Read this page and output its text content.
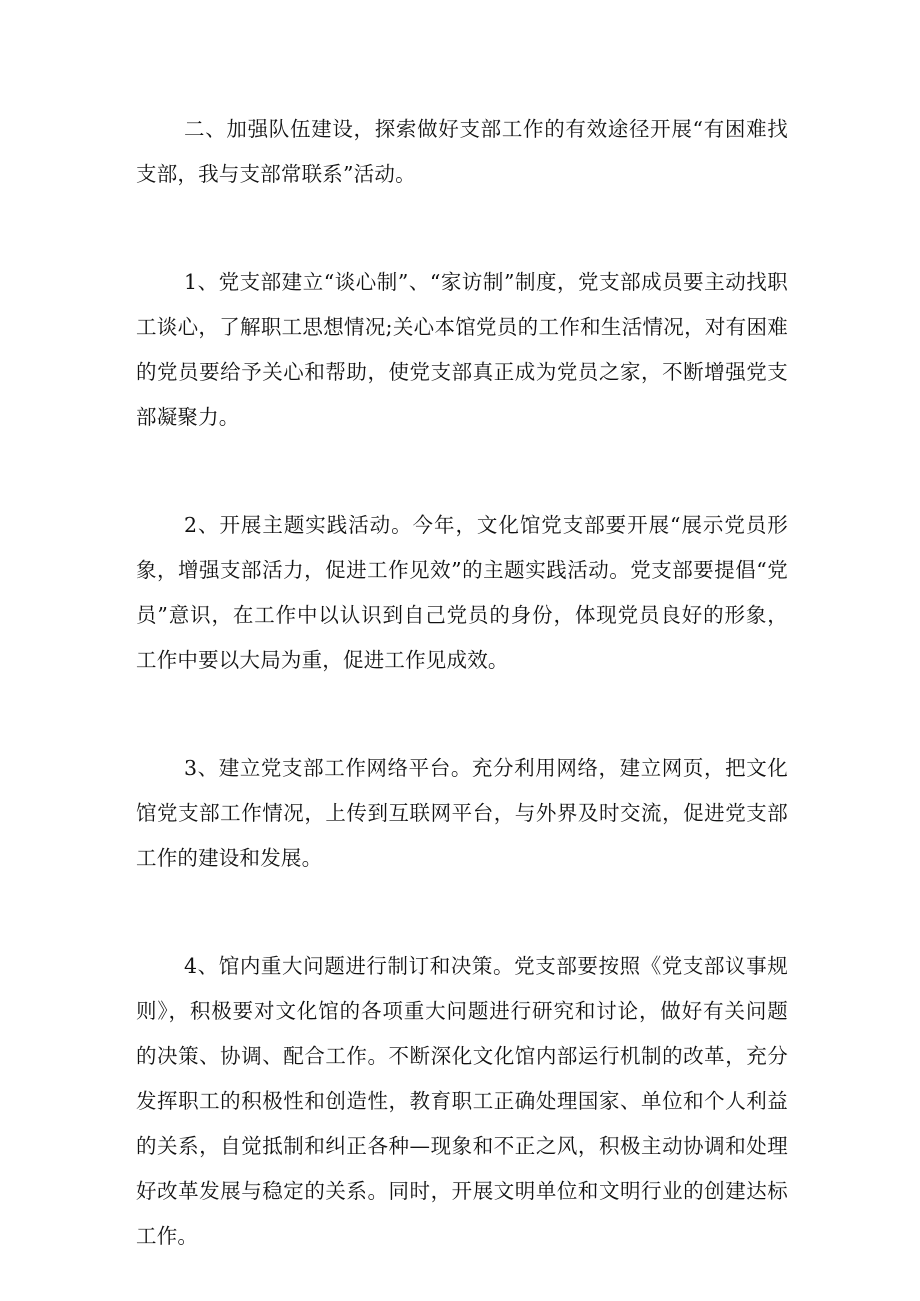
二、加强队伍建设，探索做好支部工作的有效途径开展“有困难找支部，我与支部常联系”活动。

1、党支部建立“谈心制”、“家访制”制度，党支部成员要主动找职工谈心，了解职工思想情况;关心本馆党员的工作和生活情况，对有困难的党员要给予关心和帮助，使党支部真正成为党员之家，不断增强党支部凝聚力。

2、开展主题实践活动。今年，文化馆党支部要开展“展示党员形象，增强支部活力，促进工作见效”的主题实践活动。党支部要提倡“党员”意识，在工作中以认识到自己党员的身份，体现党员良好的形象，工作中要以大局为重，促进工作见成效。

3、建立党支部工作网络平台。充分利用网络，建立网页，把文化馆党支部工作情况，上传到互联网平台，与外界及时交流，促进党支部工作的建设和发展。

4、馆内重大问题进行制订和决策。党支部要按照《党支部议事规则》，积极要对文化馆的各项重大问题进行研究和讨论，做好有关问题的决策、协调、配合工作。不断深化文化馆内部运行机制的改革，充分发挥职工的积极性和创造性，教育职工正确处理国家、单位和个人利益的关系，自觉抵制和纠正各种—现象和不正之风，积极主动协调和处理好改革发展与稳定的关系。同时，开展文明单位和文明行业的创建达标工作。
